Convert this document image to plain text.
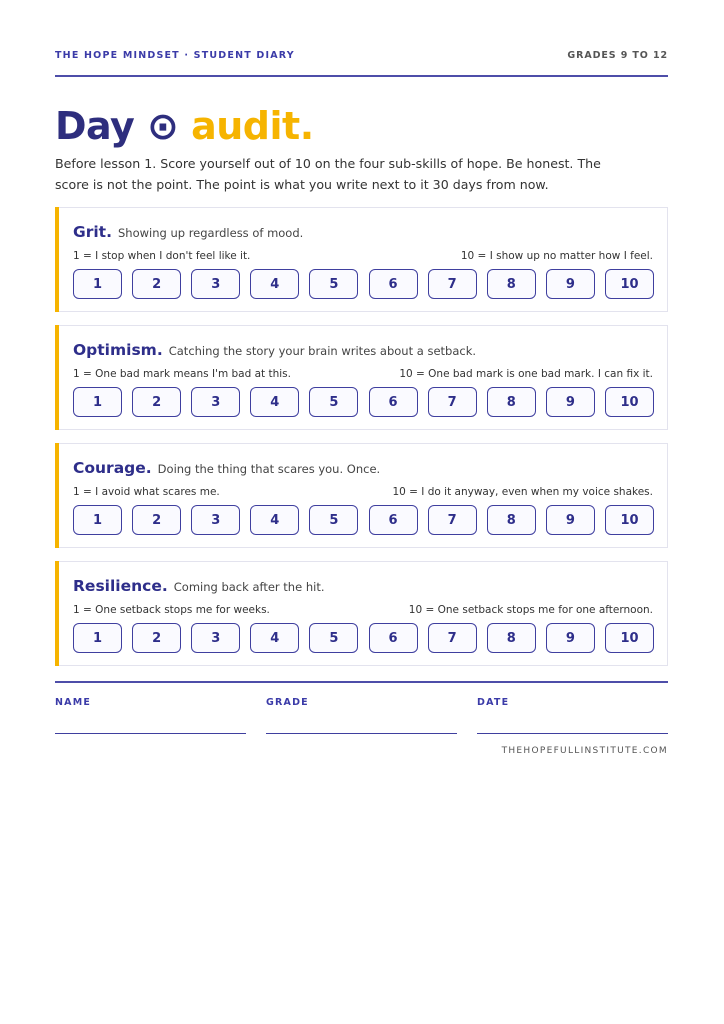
THE HOPE MINDSET · STUDENT DIARY	GRADES 9 TO 12
Day ⊙ audit.
Before lesson 1. Score yourself out of 10 on the four sub-skills of hope. Be honest. The score is not the point. The point is what you write next to it 30 days from now.
Grit. Showing up regardless of mood.
1 = I stop when I don't feel like it.	10 = I show up no matter how I feel.
1	2	3	4	5	6	7	8	9	10
Optimism. Catching the story your brain writes about a setback.
1 = One bad mark means I'm bad at this.	10 = One bad mark is one bad mark. I can fix it.
1	2	3	4	5	6	7	8	9	10
Courage. Doing the thing that scares you. Once.
1 = I avoid what scares me.	10 = I do it anyway, even when my voice shakes.
1	2	3	4	5	6	7	8	9	10
Resilience. Coming back after the hit.
1 = One setback stops me for weeks.	10 = One setback stops me for one afternoon.
1	2	3	4	5	6	7	8	9	10
NAME	GRADE	DATE
THEHOPEFULLINSTITUTE.COM
